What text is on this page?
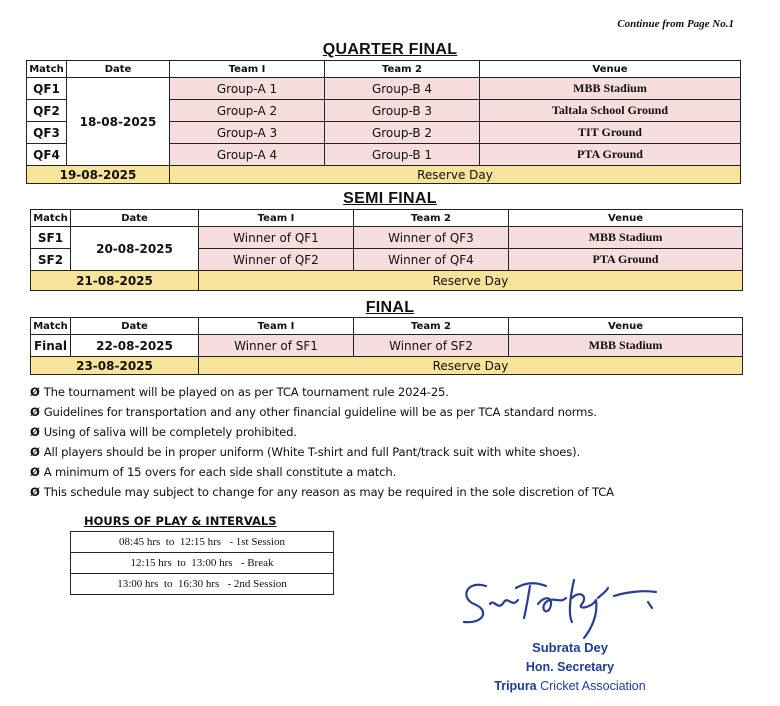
Continue from Page No.1
QUARTER FINAL
Match	Date	Team I	Team 2	Venue
QF1	18-08-2025	Group-A 1	Group-B 4	MBB Stadium
QF2		Group-A 2	Group-B 3	Taltala School Ground
QF3		Group-A 3	Group-B 2	TIT Ground
QF4		Group-A 4	Group-B 1	PTA Ground
19-08-2025		Reserve Day		
SEMI FINAL
Match	Date	Team I	Team 2	Venue
SF1	20-08-2025	Winner of QF1	Winner of QF3	MBB Stadium
SF2		Winner of QF2	Winner of QF4	PTA Ground
21-08-2025		Reserve Day		
FINAL
Match	Date	Team I	Team 2	Venue
Final	22-08-2025	Winner of SF1	Winner of SF2	MBB Stadium
23-08-2025		Reserve Day		
Ø The tournament will be played on as per TCA tournament rule 2024-25.
Ø Guidelines for transportation and any other financial guideline will be as per TCA standard norms.
Ø Using of saliva will be completely prohibited.
Ø All players should be in proper uniform (White T-shirt and full Pant/track suit with white shoes).
Ø A minimum of 15 overs for each side shall constitute a match.
Ø This schedule may subject to change for any reason as may be required in the sole discretion of TCA
HOURS OF PLAY & INTERVALS
08:45 hrs  to  12:15 hrs   - 1st Session
12:15 hrs  to  13:00 hrs   - Break
13:00 hrs  to  16:30 hrs   - 2nd Session
Subrata Dey
Hon. Secretary
Tripura Cricket Association
